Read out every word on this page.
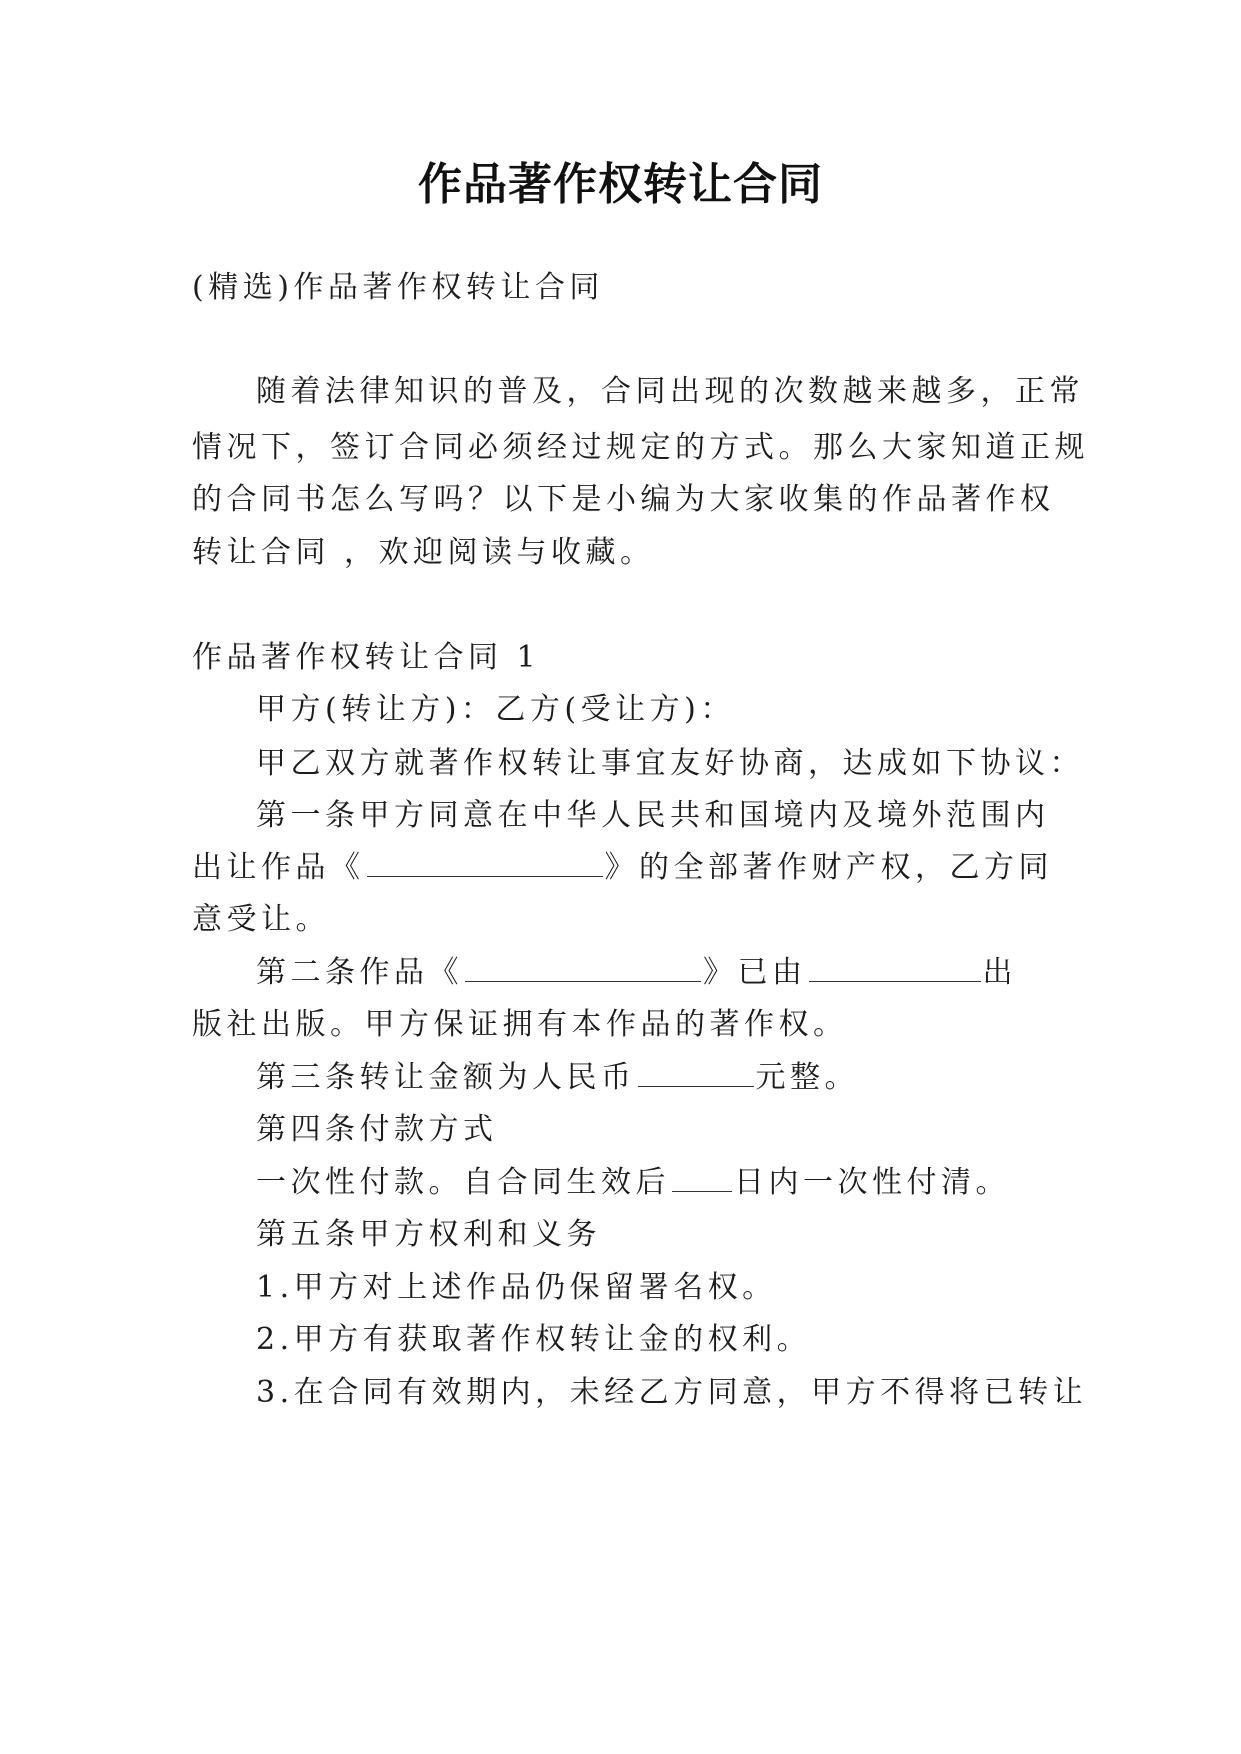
作品著作权转让合同

(精选)作品著作权转让合同

随着法律知识的普及，合同出现的次数越来越多，正常

情况下，签订合同必须经过规定的方式。那么大家知道正规

的合同书怎么写吗？以下是小编为大家收集的作品著作权

转让合同 ，欢迎阅读与收藏。

作品著作权转让合同 1

甲方(转让方)：乙方(受让方)：

甲乙双方就著作权转让事宜友好协商，达成如下协议：

第一条甲方同意在中华人民共和国境内及境外范围内

出让作品《	》的全部著作财产权，乙方同

意受让。

第二条作品《	》已由	出

版社出版。甲方保证拥有本作品的著作权。

第三条转让金额为人民币	元整。

第四条付款方式

一次性付款。自合同生效后 日内一次性付清。

第五条甲方权利和义务

1.甲方对上述作品仍保留署名权。

2.甲方有获取著作权转让金的权利。

3.在合同有效期内，未经乙方同意，甲方不得将已转让
